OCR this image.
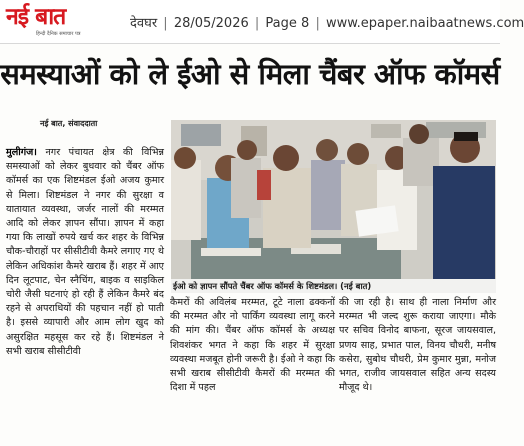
नई बात
हिन्दी दैनिक समाचार पत्र
देवघर | 28/05/2026 | Page 8 | www.epaper.naibaatnews.com
समस्याओं को ले ईओ से मिला चैंबर ऑफ कॉमर्स
नई बात, संवाददाता
मुलीगंज। नगर पंचायत क्षेत्र की विभिन्न समस्याओं को लेकर बुधवार को चैंबर ऑफ कॉमर्स का एक शिष्टमंडल ईओ अजय कुमार से मिला। शिष्टमंडल ने नगर की सुरक्षा व यातायात व्यवस्था, जर्जर नालों की मरम्मत आदि को लेकर ज्ञापन सौंपा। ज्ञापन में कहा गया कि लाखों रुपये खर्च कर शहर के विभिन्न चौक-चौराहों पर सीसीटीवी कैमरे लगाए गए थे लेकिन अधिकांश कैमरे खराब हैं। शहर में आए दिन लूटपाट, चेन स्नैचिंग, बाइक व साइकिल चोरी जैसी घटनाएं हो रही हैं लेकिन कैमरे बंद रहने से अपराधियों की पहचान नहीं हो पाती है। इससे व्यापारी और आम लोग खुद को असुरक्षित महसूस कर रहे हैं। शिष्टमंडल ने सभी खराब सीसीटीवी
ईओ को ज्ञापन सौंपते चैंबर ऑफ कॉमर्स के शिष्टमंडल। (नई बात)
कैमरों की अविलंब मरम्मत, टूटे नाला ढक्कनों की मरम्मत और नो पार्किंग व्यवस्था लागू करने की मांग की। चैंबर ऑफ कॉमर्स के अध्यक्ष शिवशंकर भगत ने कहा कि शहर में सुरक्षा व्यवस्था मजबूत होनी जरूरी है। ईओ ने कहा कि सभी खराब सीसीटीवी कैमरों की मरम्मत की दिशा में पहल
की जा रही है। साथ ही नाला निर्माण और मरम्मत भी जल्द शुरू कराया जाएगा। मौके पर सचिव विनोद बाफना, सूरज जायसवाल, प्रणय साह, प्रभात पाल, विनय चौधरी, मनीष कसेरा, सुबोध चौधरी, प्रेम कुमार मुन्ना, मनोज भगत, राजीव जायसवाल सहित अन्य सदस्य मौजूद थे।
